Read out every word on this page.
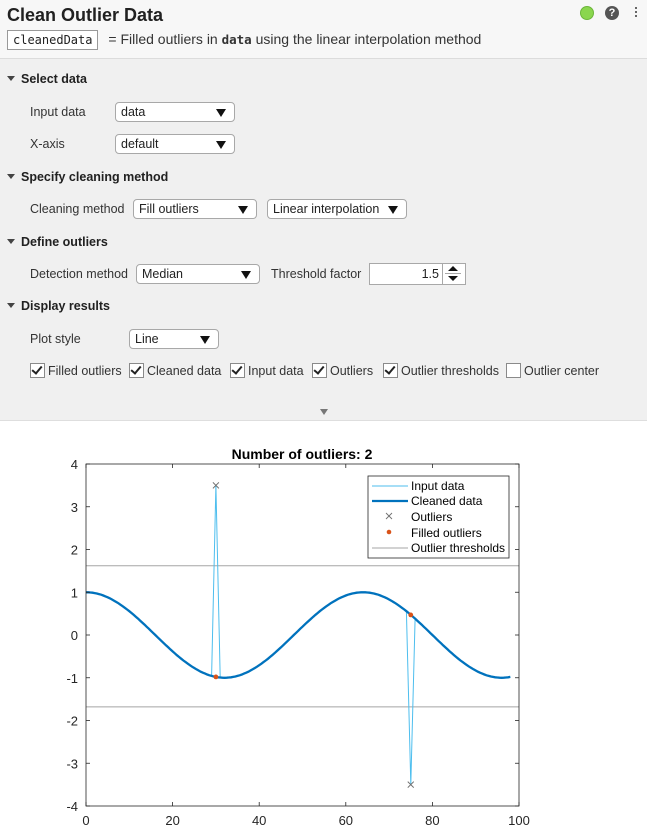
Clean Outlier Data	?
cleanedData = Filled outliers in data using the linear interpolation method
Select data
Input data	data
X-axis	default
Specify cleaning method
Cleaning method	Fill outliers	Linear interpolation
Define outliers
Detection method	Median	Threshold factor	1.5
Display results
Plot style	Line
Filled outliers	Cleaned data	Input data	Outliers	Outlier thresholds	Outlier center
Number of outliers: 2
0	20	40	60	80	100
4
3
2
1
0
-1
-2
-3
-4
Input data
Cleaned data
Outliers
Filled outliers
Outlier thresholds
